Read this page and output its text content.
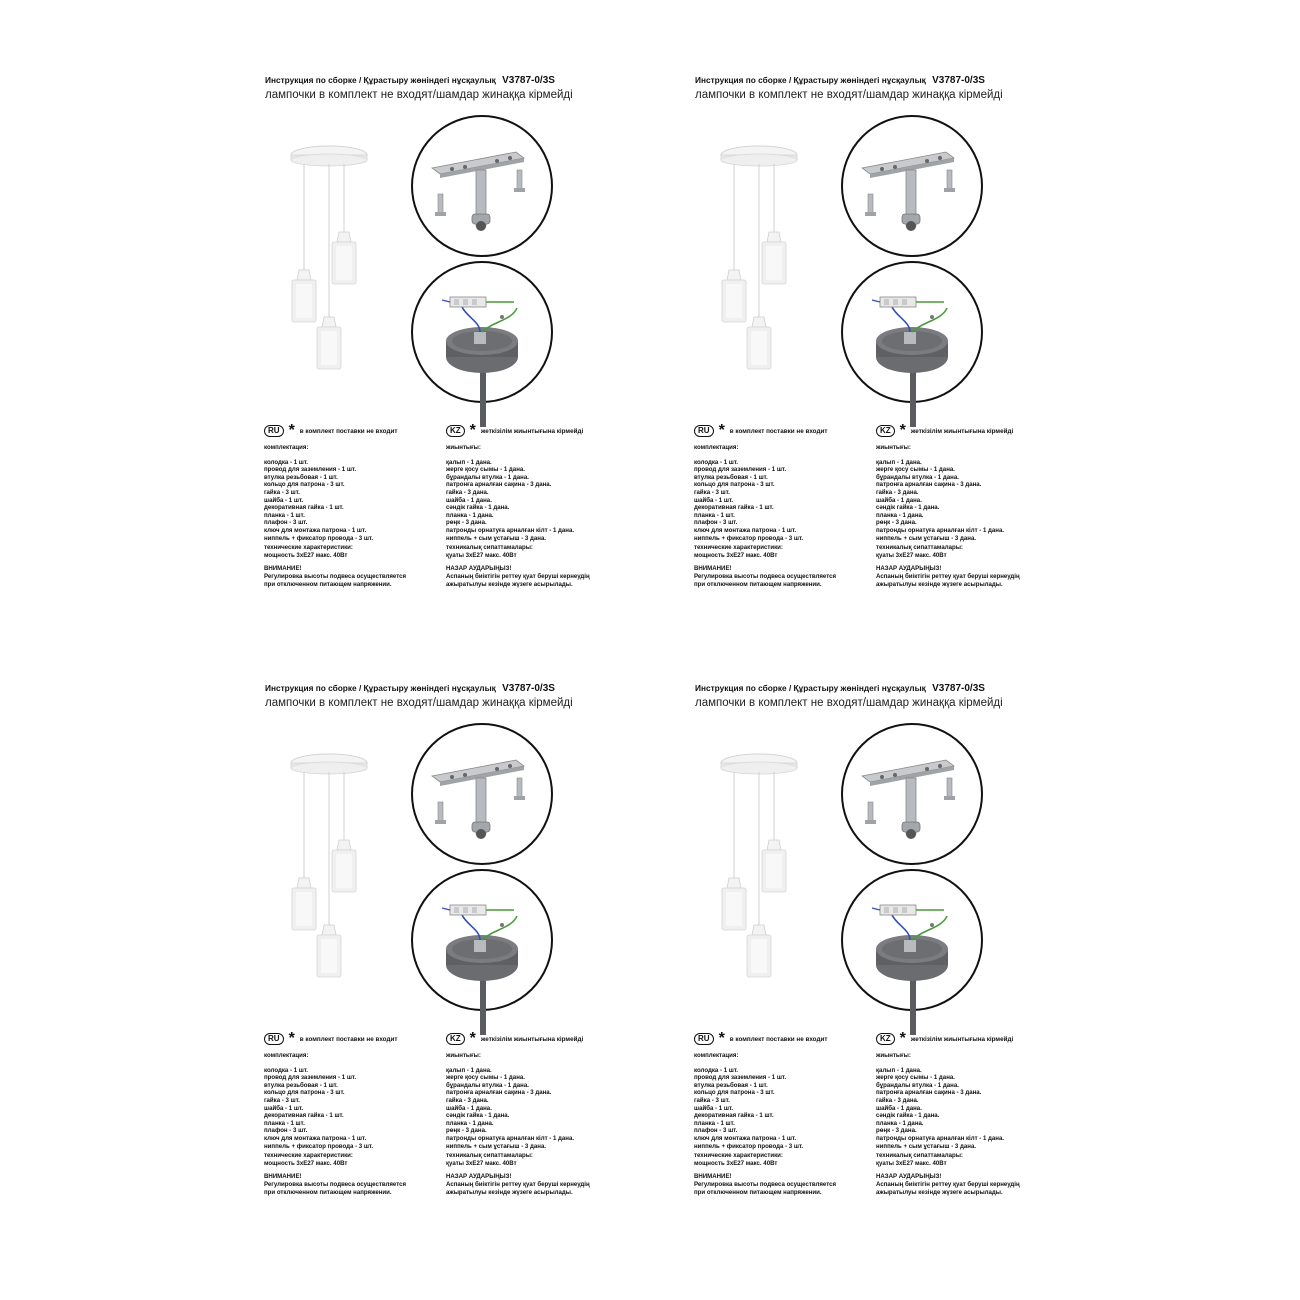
Инструкция по сборке / Құрастыру жөніндегі нұсқаулық V3787-0/3S
лампочки в комплект не входят/шамдар жинаққа кірмейді
RU * в комплект поставки не входит	KZ * жеткізілім жиынтығына кірмейді
комплектация:
колодка - 1 шт.
провод для заземления - 1 шт.
втулка резьбовая - 1 шт.
кольцо для патрона - 3 шт.
гайка - 3 шт.
шайба - 1 шт.
декоративная гайка - 1 шт.
планка - 1 шт.
плафон - 3 шт.
ключ для монтажа патрона - 1 шт.
ниппель + фиксатор провода - 3 шт.
технические характеристики:
мощность 3xE27 макс. 40Вт
ВНИМАНИЕ!
Регулировка высоты подвеса осуществляется
при отключенном питающем напряжении.
жиынтығы:
қалып - 1 дана.
жерге қосу сымы - 1 дана.
бұрандалы втулка - 1 дана.
патронға арналған сақина - 3 дана.
гайка - 3 дана.
шайба - 1 дана.
сәндік гайка - 1 дана.
планка - 1 дана.
рөңк - 3 дана.
патронды орнатуға арналған кілт - 1 дана.
ниппель + сым ұстағыш - 3 дана.
техникалық сипаттамалары:
қуаты 3xE27 макс. 40Вт
НАЗАР АУДАРЫҢЫЗ!
Аспаның биіктігін реттеу қуат беруші кернеудің
ажыратылуы кезінде жүзеге асырылады.
Инструкция по сборке / Құрастыру жөніндегі нұсқаулық V3787-0/3S
лампочки в комплект не входят/шамдар жинаққа кірмейді
RU * в комплект поставки не входит	KZ * жеткізілім жиынтығына кірмейді
комплектация:
колодка - 1 шт.
провод для заземления - 1 шт.
втулка резьбовая - 1 шт.
кольцо для патрона - 3 шт.
гайка - 3 шт.
шайба - 1 шт.
декоративная гайка - 1 шт.
планка - 1 шт.
плафон - 3 шт.
ключ для монтажа патрона - 1 шт.
ниппель + фиксатор провода - 3 шт.
технические характеристики:
мощность 3xE27 макс. 40Вт
ВНИМАНИЕ!
Регулировка высоты подвеса осуществляется
при отключенном питающем напряжении.
жиынтығы:
қалып - 1 дана.
жерге қосу сымы - 1 дана.
бұрандалы втулка - 1 дана.
патронға арналған сақина - 3 дана.
гайка - 3 дана.
шайба - 1 дана.
сәндік гайка - 1 дана.
планка - 1 дана.
рөңк - 3 дана.
патронды орнатуға арналған кілт - 1 дана.
ниппель + сым ұстағыш - 3 дана.
техникалық сипаттамалары:
қуаты 3xE27 макс. 40Вт
НАЗАР АУДАРЫҢЫЗ!
Аспаның биіктігін реттеу қуат беруші кернеудің
ажыратылуы кезінде жүзеге асырылады.
Инструкция по сборке / Құрастыру жөніндегі нұсқаулық V3787-0/3S
лампочки в комплект не входят/шамдар жинаққа кірмейді
RU * в комплект поставки не входит	KZ * жеткізілім жиынтығына кірмейді
комплектация:
колодка - 1 шт.
провод для заземления - 1 шт.
втулка резьбовая - 1 шт.
кольцо для патрона - 3 шт.
гайка - 3 шт.
шайба - 1 шт.
декоративная гайка - 1 шт.
планка - 1 шт.
плафон - 3 шт.
ключ для монтажа патрона - 1 шт.
ниппель + фиксатор провода - 3 шт.
технические характеристики:
мощность 3xE27 макс. 40Вт
ВНИМАНИЕ!
Регулировка высоты подвеса осуществляется
при отключенном питающем напряжении.
жиынтығы:
қалып - 1 дана.
жерге қосу сымы - 1 дана.
бұрандалы втулка - 1 дана.
патронға арналған сақина - 3 дана.
гайка - 3 дана.
шайба - 1 дана.
сәндік гайка - 1 дана.
планка - 1 дана.
рөңк - 3 дана.
патронды орнатуға арналған кілт - 1 дана.
ниппель + сым ұстағыш - 3 дана.
техникалық сипаттамалары:
қуаты 3xE27 макс. 40Вт
НАЗАР АУДАРЫҢЫЗ!
Аспаның биіктігін реттеу қуат беруші кернеудің
ажыратылуы кезінде жүзеге асырылады.
Инструкция по сборке / Құрастыру жөніндегі нұсқаулық V3787-0/3S
лампочки в комплект не входят/шамдар жинаққа кірмейді
RU * в комплект поставки не входит	KZ * жеткізілім жиынтығына кірмейді
комплектация:
колодка - 1 шт.
провод для заземления - 1 шт.
втулка резьбовая - 1 шт.
кольцо для патрона - 3 шт.
гайка - 3 шт.
шайба - 1 шт.
декоративная гайка - 1 шт.
планка - 1 шт.
плафон - 3 шт.
ключ для монтажа патрона - 1 шт.
ниппель + фиксатор провода - 3 шт.
технические характеристики:
мощность 3xE27 макс. 40Вт
ВНИМАНИЕ!
Регулировка высоты подвеса осуществляется
при отключенном питающем напряжении.
жиынтығы:
қалып - 1 дана.
жерге қосу сымы - 1 дана.
бұрандалы втулка - 1 дана.
патронға арналған сақина - 3 дана.
гайка - 3 дана.
шайба - 1 дана.
сәндік гайка - 1 дана.
планка - 1 дана.
рөңк - 3 дана.
патронды орнатуға арналған кілт - 1 дана.
ниппель + сым ұстағыш - 3 дана.
техникалық сипаттамалары:
қуаты 3xE27 макс. 40Вт
НАЗАР АУДАРЫҢЫЗ!
Аспаның биіктігін реттеу қуат беруші кернеудің
ажыратылуы кезінде жүзеге асырылады.
